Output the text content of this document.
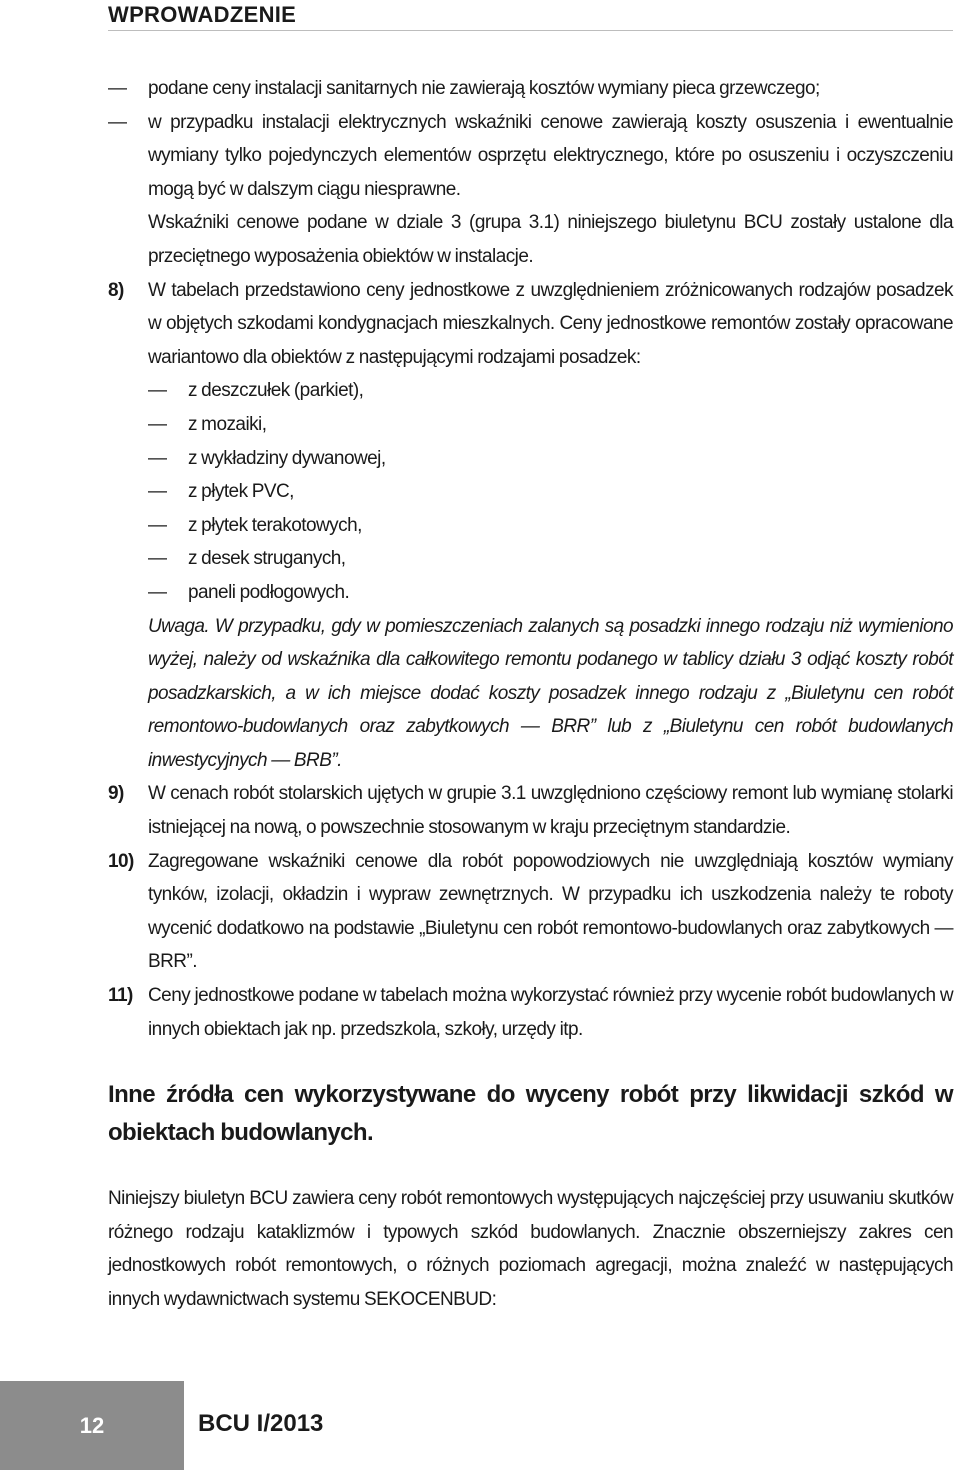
WPROWADZENIE
—	podane ceny instalacji sanitarnych nie zawierają kosztów wymiany pieca grzewczego;
—	w przypadku instalacji elektrycznych wskaźniki cenowe zawierają koszty osuszenia i ewentualnie wymiany tylko pojedynczych elementów osprzętu elektrycznego, które po osuszeniu i oczyszczeniu mogą być w dalszym ciągu niesprawne.
Wskaźniki cenowe podane w dziale 3 (grupa 3.1) niniejszego biuletynu BCU zostały ustalone dla przeciętnego wyposażenia obiektów w instalacje.
8)	W tabelach przedstawiono ceny jednostkowe z uwzględnieniem zróżnicowanych rodzajów posadzek w objętych szkodami kondygnacjach mieszkalnych. Ceny jednostkowe remontów zostały opracowane wariantowo dla obiektów z następującymi rodzajami posadzek:
—	z deszczułek (parkiet),
—	z mozaiki,
—	z wykładziny dywanowej,
—	z płytek PVC,
—	z płytek terakotowych,
—	z desek struganych,
—	paneli podłogowych.
Uwaga. W przypadku, gdy w pomieszczeniach zalanych są posadzki innego rodzaju niż wymieniono wyżej, należy od wskaźnika dla całkowitego remontu podanego w tablicy działu 3 odjąć koszty robót posadzkarskich, a w ich miejsce dodać koszty posadzek innego rodzaju z „Biuletynu cen robót remontowo-budowlanych oraz zabytkowych — BRR” lub z „Biuletynu cen robót budowlanych inwestycyjnych — BRB”.
9)	W cenach robót stolarskich ujętych w grupie 3.1 uwzględniono częściowy remont lub wymianę stolarki istniejącej na nową, o powszechnie stosowanym w kraju przeciętnym standardzie.
10) Zagregowane wskaźniki cenowe dla robót popowodziowych nie uwzględniają kosztów wymiany tynków, izolacji, okładzin i wypraw zewnętrznych. W przypadku ich uszkodzenia należy te roboty wycenić dodatkowo na podstawie „Biuletynu cen robót remontowo-budowlanych oraz zabytkowych — BRR”.
11) Ceny jednostkowe podane w tabelach można wykorzystać również przy wycenie robót budowlanych w innych obiektach jak np. przedszkola, szkoły, urzędy itp.
Inne źródła cen wykorzystywane do wyceny robót przy likwidacji szkód w obiektach budowlanych.
Niniejszy biuletyn BCU zawiera ceny robót remontowych występujących najczęściej przy usuwaniu skutków różnego rodzaju kataklizmów i typowych szkód budowlanych. Znacznie obszerniejszy zakres cen jednostkowych robót remontowych, o różnych poziomach agregacji, można znaleźć w następujących innych wydawnictwach systemu SEKOCENBUD:
12	BCU I/2013
